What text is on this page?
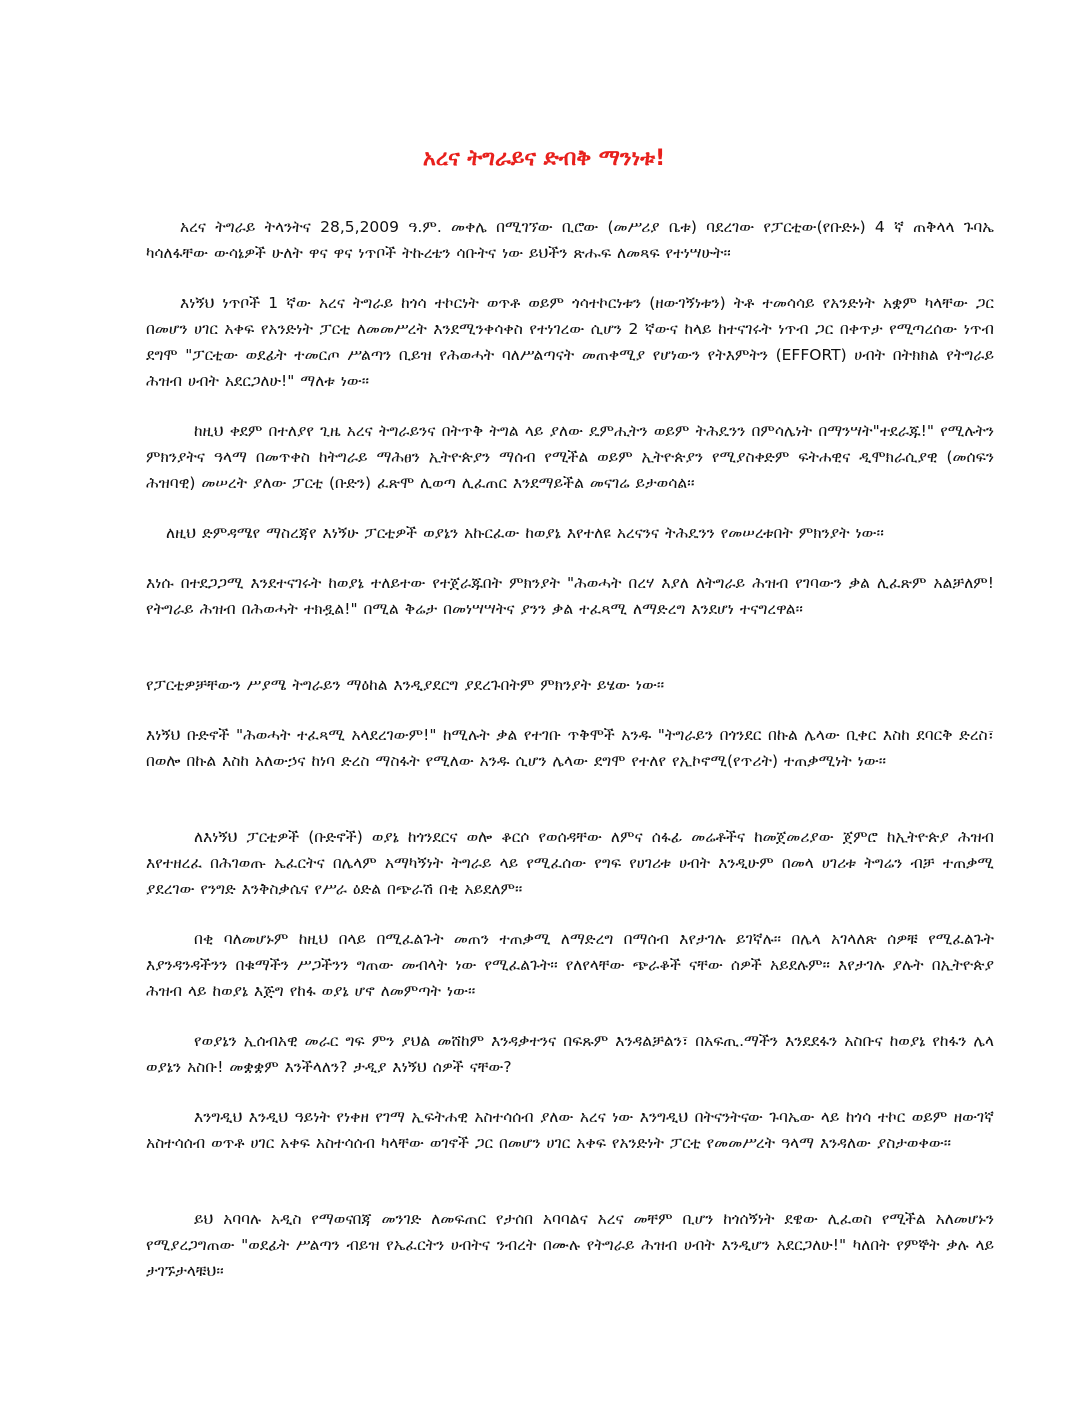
አረና ትግራይና ድብቅ ማንነቱ!

አረና ትግራይ ትላንትና 28,5,2009 ዓ.ም. መቀሌ በሚገኘው ቢሮው (መሥሪያ ቤቱ) ባደረገው የፓርቲው(የቡድኑ) 4 ኛ ጠቅላላ ጉባኤ ካሳለፋቸው ውሳኔዎች ሁለት ዋና ዋና ነጥቦች ትኩረቴን ሳቡትና ነው ይህችን ጽሑፍ ለመጻፍ የተነሣሁት፡፡

እነኝህ ነጥቦች 1 ኛው አረና ትግራይ ከጎሳ ተኮርነት ወጥቶ ወይም ጎሳተኮርነቱን (ዘውገኝነቱን) ትቶ ተመሳሳይ የአንድነት አቋም ካላቸው ጋር በመሆን ሀገር አቀፍ የአንድነት ፓርቲ ለመመሥረት እንደሚንቀሳቀስ የተነገረው ሲሆን 2 ኛውና ከላይ ከተናገሩት ነጥብ ጋር በቀጥታ የሚጣረሰው ነጥብ ደግሞ "ፓርቲው ወደፊት ተመርጦ ሥልጣን ቢይዝ የሕወሓት ባለሥልጣናት መጠቀሚያ የሆነውን የትእምትን (EFFORT) ሀብት በትክክል የትግራይ ሕዝብ ሀብት አደርጋለሁ!" ማለቱ ነው፡፡

ከዚህ ቀደም በተለያየ ጊዜ አረና ትግራይንና በትጥቅ ትግል ላይ ያለው ዴምሒትን ወይም ትሕዴንን በምሳሌነት በማንሣት"ተደራጁ!" የሚሉትን ምክንያትና ዓላማ በመጥቀስ ከትግራይ ማሕፀን ኢትዮጵያን ማሰብ የሚችል ወይም ኢትዮጵያን የሚያስቀድም ፍትሐዊና ዲሞክራሲያዊ (መሰፍን ሕዝባዊ) መሠረት ያለው ፓርቲ (ቡድን) ፈጽሞ ሊወጣ ሊፈጠር እንደማይችል መናገሬ ይታወሳል፡፡

ለዚህ ድምዳሜየ ማስረጃየ እነኝሁ ፓርቲዎች ወያኔን አኩርፈው ከወያኔ እየተለዩ አረናንና ትሕዴንን የመሠረቱበት ምክንያት ነው፡፡

እነሱ በተደጋጋሚ እንደተናገሩት ከወያኔ ተለይተው የተጀራጁበት ምክንያት "ሕወሓት በረሃ እያለ ለትግራይ ሕዝብ የገባውን ቃል ሊፈጽም አልቻለም! የትግራይ ሕዝብ በሕወሓት ተክዷል!" በሚል ቅሬታ በመነሣሣትና ያንን ቃል ተፈጻሚ ለማድረግ እንደሆነ ተናግረዋል፡፡

የፓርቲዎቻቸውን ሥያሜ ትግራይን ማዕከል እንዲያደርግ ያደረጉበትም ምክንያት ይሄው ነው፡፡

እነኝህ ቡድኖች "ሕወሓት ተፈጻሚ አላደረገውም!" ከሚሉት ቃል የተገቡ ጥቅሞች አንዱ "ትግራይን በጎንደር በኩል ሌላው ቢቀር እስከ ደባርቅ ድረስ፣ በወሎ በኩል እስከ አለውኃና ከነባ ድረስ ማስፋት የሚለው አንዱ ሲሆን ሌላው ደግሞ የተለየ የኢኮኖሚ(የጥሪት) ተጠቃሚነት ነው፡፡

ለእነኝህ ፓርቲዎች (ቡድኖች) ወያኔ ከጎንደርና ወሎ ቆርሶ የወሰዳቸው ለምና ሰፋፊ መሬቶችና ከመጀመሪያው ጀምሮ ከኢትዮጵያ ሕዝብ እየተዘረፈ በሕገወጡ ኤፈርትና በሌላም አማካኝነት ትግራይ ላይ የሚፈሰው የግፍ የሀገሪቱ ሀብት እንዲሁም በመላ ሀገሪቱ ትግሬን ብቻ ተጠቃሚ ያደረገው የንግድ እንቅስቃሴና የሥራ ዕድል በጭራሽ በቂ አይደለም፡፡

በቂ ባለመሆኑም ከዚህ በላይ በሚፈልጉት መጠን ተጠቃሚ ለማድረግ በማሰብ እየታገሉ ይገኛሉ፡፡ በሌላ አገላለጽ ሰዎቹ የሚፈልጉት እያንዳንዳችንን በቁማችን ሥጋችንን ግጠው መብላት ነው የሚፈልጉት፡፡ የለየላቸው ጭራቆች ናቸው ሰዎች አይደሉም፡፡ እየታገሉ ያሉት በኢትዮጵያ ሕዝብ ላይ ከወያኔ እጅግ የከፋ ወያኔ ሆኖ ለመምጣት ነው፡፡

የወያኔን ኢሰብአዊ መራር ግፍ ምን ያህል መሸከም እንዳቃተንና በፍጹም እንዳልቻልን፣ በአፍጢ.ማችን እንደደፋን አስቡና ከወያኔ የከፋን ሌላ ወያኔን አስቡ! መቋቋም እንችላለን? ታዲያ እነኝህ ሰዎች ናቸው?

እንግዲህ እንዲህ ዓይነት የነቀዘ የገማ ኢፍትሐዊ አስተሳሰብ ያለው አረና ነው እንግዲህ በትናንትናው ጉባኤው ላይ ከጎሳ ተኮር ወይም ዘውገኛ አስተሳሰብ ወጥቶ ሀገር አቀፍ አስተሳሰብ ካላቸው ወገኖች ጋር በመሆን ሀገር አቀፍ የአንድነት ፓርቲ የመመሥረት ዓላማ እንዳለው ያስታወቀው፡፡

ይህ አባባሉ አዲስ የማወናበጃ መንገድ ለመፍጠር የታሰበ አባባልና አረና መቸም ቢሆን ከጎሰኝነት ደዌው ሊፈወስ የሚችል አለመሆኑን የሚያረጋግጠው "ወደፊት ሥልጣን ብይዝ የኤፈርትን ሀብትና ንብረት በሙሉ የትግራይ ሕዝብ ሀብት እንዲሆን አደርጋለሁ!" ካለበት የምኞት ቃሉ ላይ ታገኙታላቹህ፡፡
